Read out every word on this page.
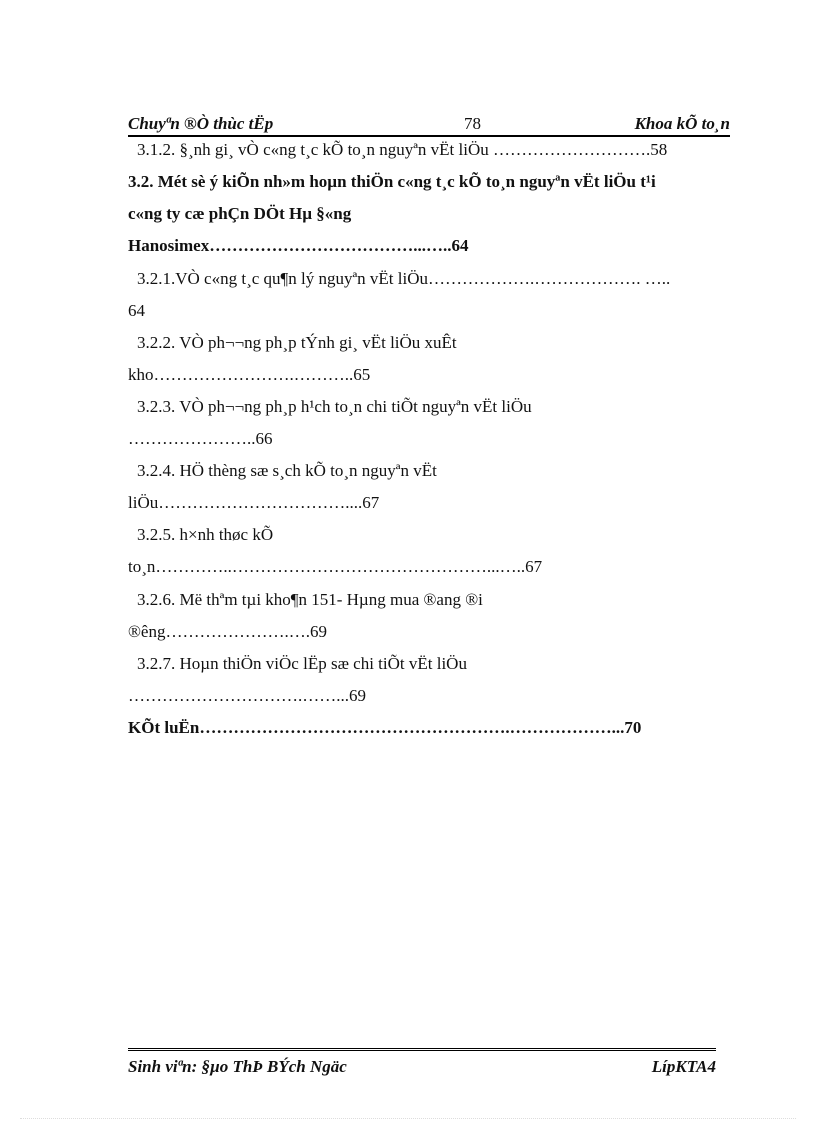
Chuyªn ®Ò thùc tËp	78	Khoa kÕ to¸n
3.1.2. §¸nh gi¸ vÒ c«ng t¸c kÕ to¸n nguyªn vËt liÖu ……………………….58
3.2. Mét sè ý kiÕn nh»m hoµn thiÖn c«ng t¸c kÕ to¸n nguyªn vËt liÖu t¹i
c«ng ty cæ phÇn DÖt Hµ §«ng
Hanosimex………………………………...…..64
3.2.1.VÒ c«ng t¸c qu¶n lý nguyªn vËt liÖu……………….………………. …..
64
3.2.2. VÒ ph¬¬ng ph¸p tÝnh gi¸ vËt liÖu xuÊt
kho…………………….………..65
3.2.3. VÒ ph¬¬ng ph¸p h¹ch to¸n chi tiÕt nguyªn vËt liÖu
…………………..66
3.2.4. HÖ thèng sæ s¸ch kÕ to¸n nguyªn vËt
liÖu……………………………....67
3.2.5. h×nh thøc kÕ
to¸n…………..………………………………………...…..67
3.2.6. Më thªm tµi kho¶n 151- Hµng mua ®ang ®i
®êng………………….….69
3.2.7. Hoµn thiÖn viÖc lËp sæ chi tiÕt vËt liÖu
………………………….……...69
KÕt luËn……………………………………………….………………...70
Sinh viªn: §µo ThÞ BÝch Ngäc	LípKTA4
